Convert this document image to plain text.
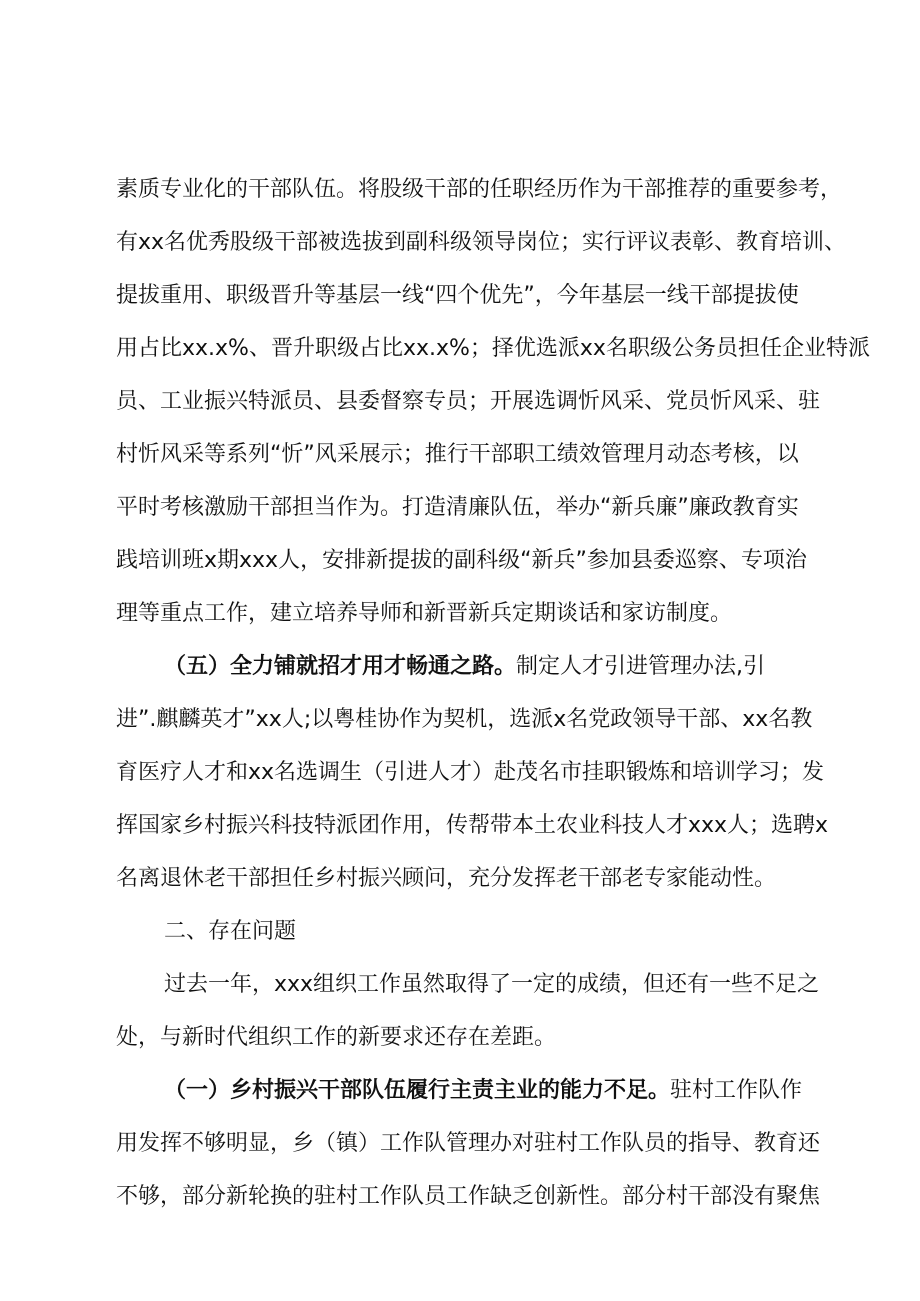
素质专业化的干部队伍。将股级干部的任职经历作为干部推荐的重要参考，
有xx名优秀股级干部被选拔到副科级领导岗位；实行评议表彰、教育培训、
提拔重用、职级晋升等基层一线“四个优先”，今年基层一线干部提拔使
用占比xx.x%、晋升职级占比xx.x%；择优选派xx名职级公务员担任企业特派
员、工业振兴特派员、县委督察专员；开展选调忻风采、党员忻风采、驻
村忻风采等系列“忻”风采展示；推行干部职工绩效管理月动态考核，以
平时考核激励干部担当作为。打造清廉队伍，举办“新兵廉”廉政教育实
践培训班x期xxx人，安排新提拔的副科级“新兵”参加县委巡察、专项治
理等重点工作，建立培养导师和新晋新兵定期谈话和家访制度。
（五）全力铺就招才用才畅通之路。制定人才引进管理办法,引
进”.麒麟英才”xx人;以粤桂协作为契机，选派x名党政领导干部、xx名教
育医疗人才和xx名选调生（引进人才）赴茂名市挂职锻炼和培训学习；发
挥国家乡村振兴科技特派团作用，传帮带本土农业科技人才xxx人；选聘x
名离退休老干部担任乡村振兴顾问，充分发挥老干部老专家能动性。
二、存在问题
过去一年，xxx组织工作虽然取得了一定的成绩，但还有一些不足之
处，与新时代组织工作的新要求还存在差距。
（一）乡村振兴干部队伍履行主责主业的能力不足。驻村工作队作
用发挥不够明显，乡（镇）工作队管理办对驻村工作队员的指导、教育还
不够，部分新轮换的驻村工作队员工作缺乏创新性。部分村干部没有聚焦
